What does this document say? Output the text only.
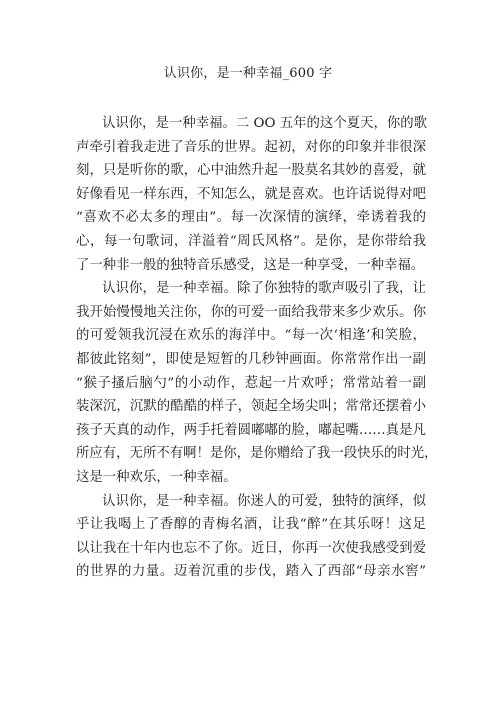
认识你，是一种幸福_600 字
认识你，是一种幸福。二 OO 五年的这个夏天，你的歌
声牵引着我走进了音乐的世界。起初，对你的印象并非很深
刻，只是听你的歌，心中油然升起一股莫名其妙的喜爱，就
好像看见一样东西，不知怎么，就是喜欢。也许话说得对吧
“喜欢不必太多的理由”。每一次深情的演绎，牵诱着我的
心，每一句歌词，洋溢着“周氏风格”。是你，是你带给我
了一种非一般的独特音乐感受，这是一种享受，一种幸福。
认识你，是一种幸福。除了你独特的歌声吸引了我，让
我开始慢慢地关注你，你的可爱一面给我带来多少欢乐。你
的可爱领我沉浸在欢乐的海洋中。“每一次‘相逢’和笑脸，
都彼此铭刻”，即使是短暂的几秒钟画面。你常常作出一副
“猴子搔后脑勺”的小动作，惹起一片欢呼；常常站着一副
装深沉，沉默的酷酷的样子，领起全场尖叫；常常还摆着小
孩子天真的动作，两手托着圆嘟嘟的脸，嘟起嘴……真是凡
所应有，无所不有啊！是你，是你赠给了我一段快乐的时光，
这是一种欢乐，一种幸福。
认识你，是一种幸福。你迷人的可爱，独特的演绎，似
乎让我喝上了香醇的青梅名酒，让我“醉”在其乐呀！这足
以让我在十年内也忘不了你。近日，你再一次使我感受到爱
的世界的力量。迈着沉重的步伐，踏入了西部“母亲水窖”
